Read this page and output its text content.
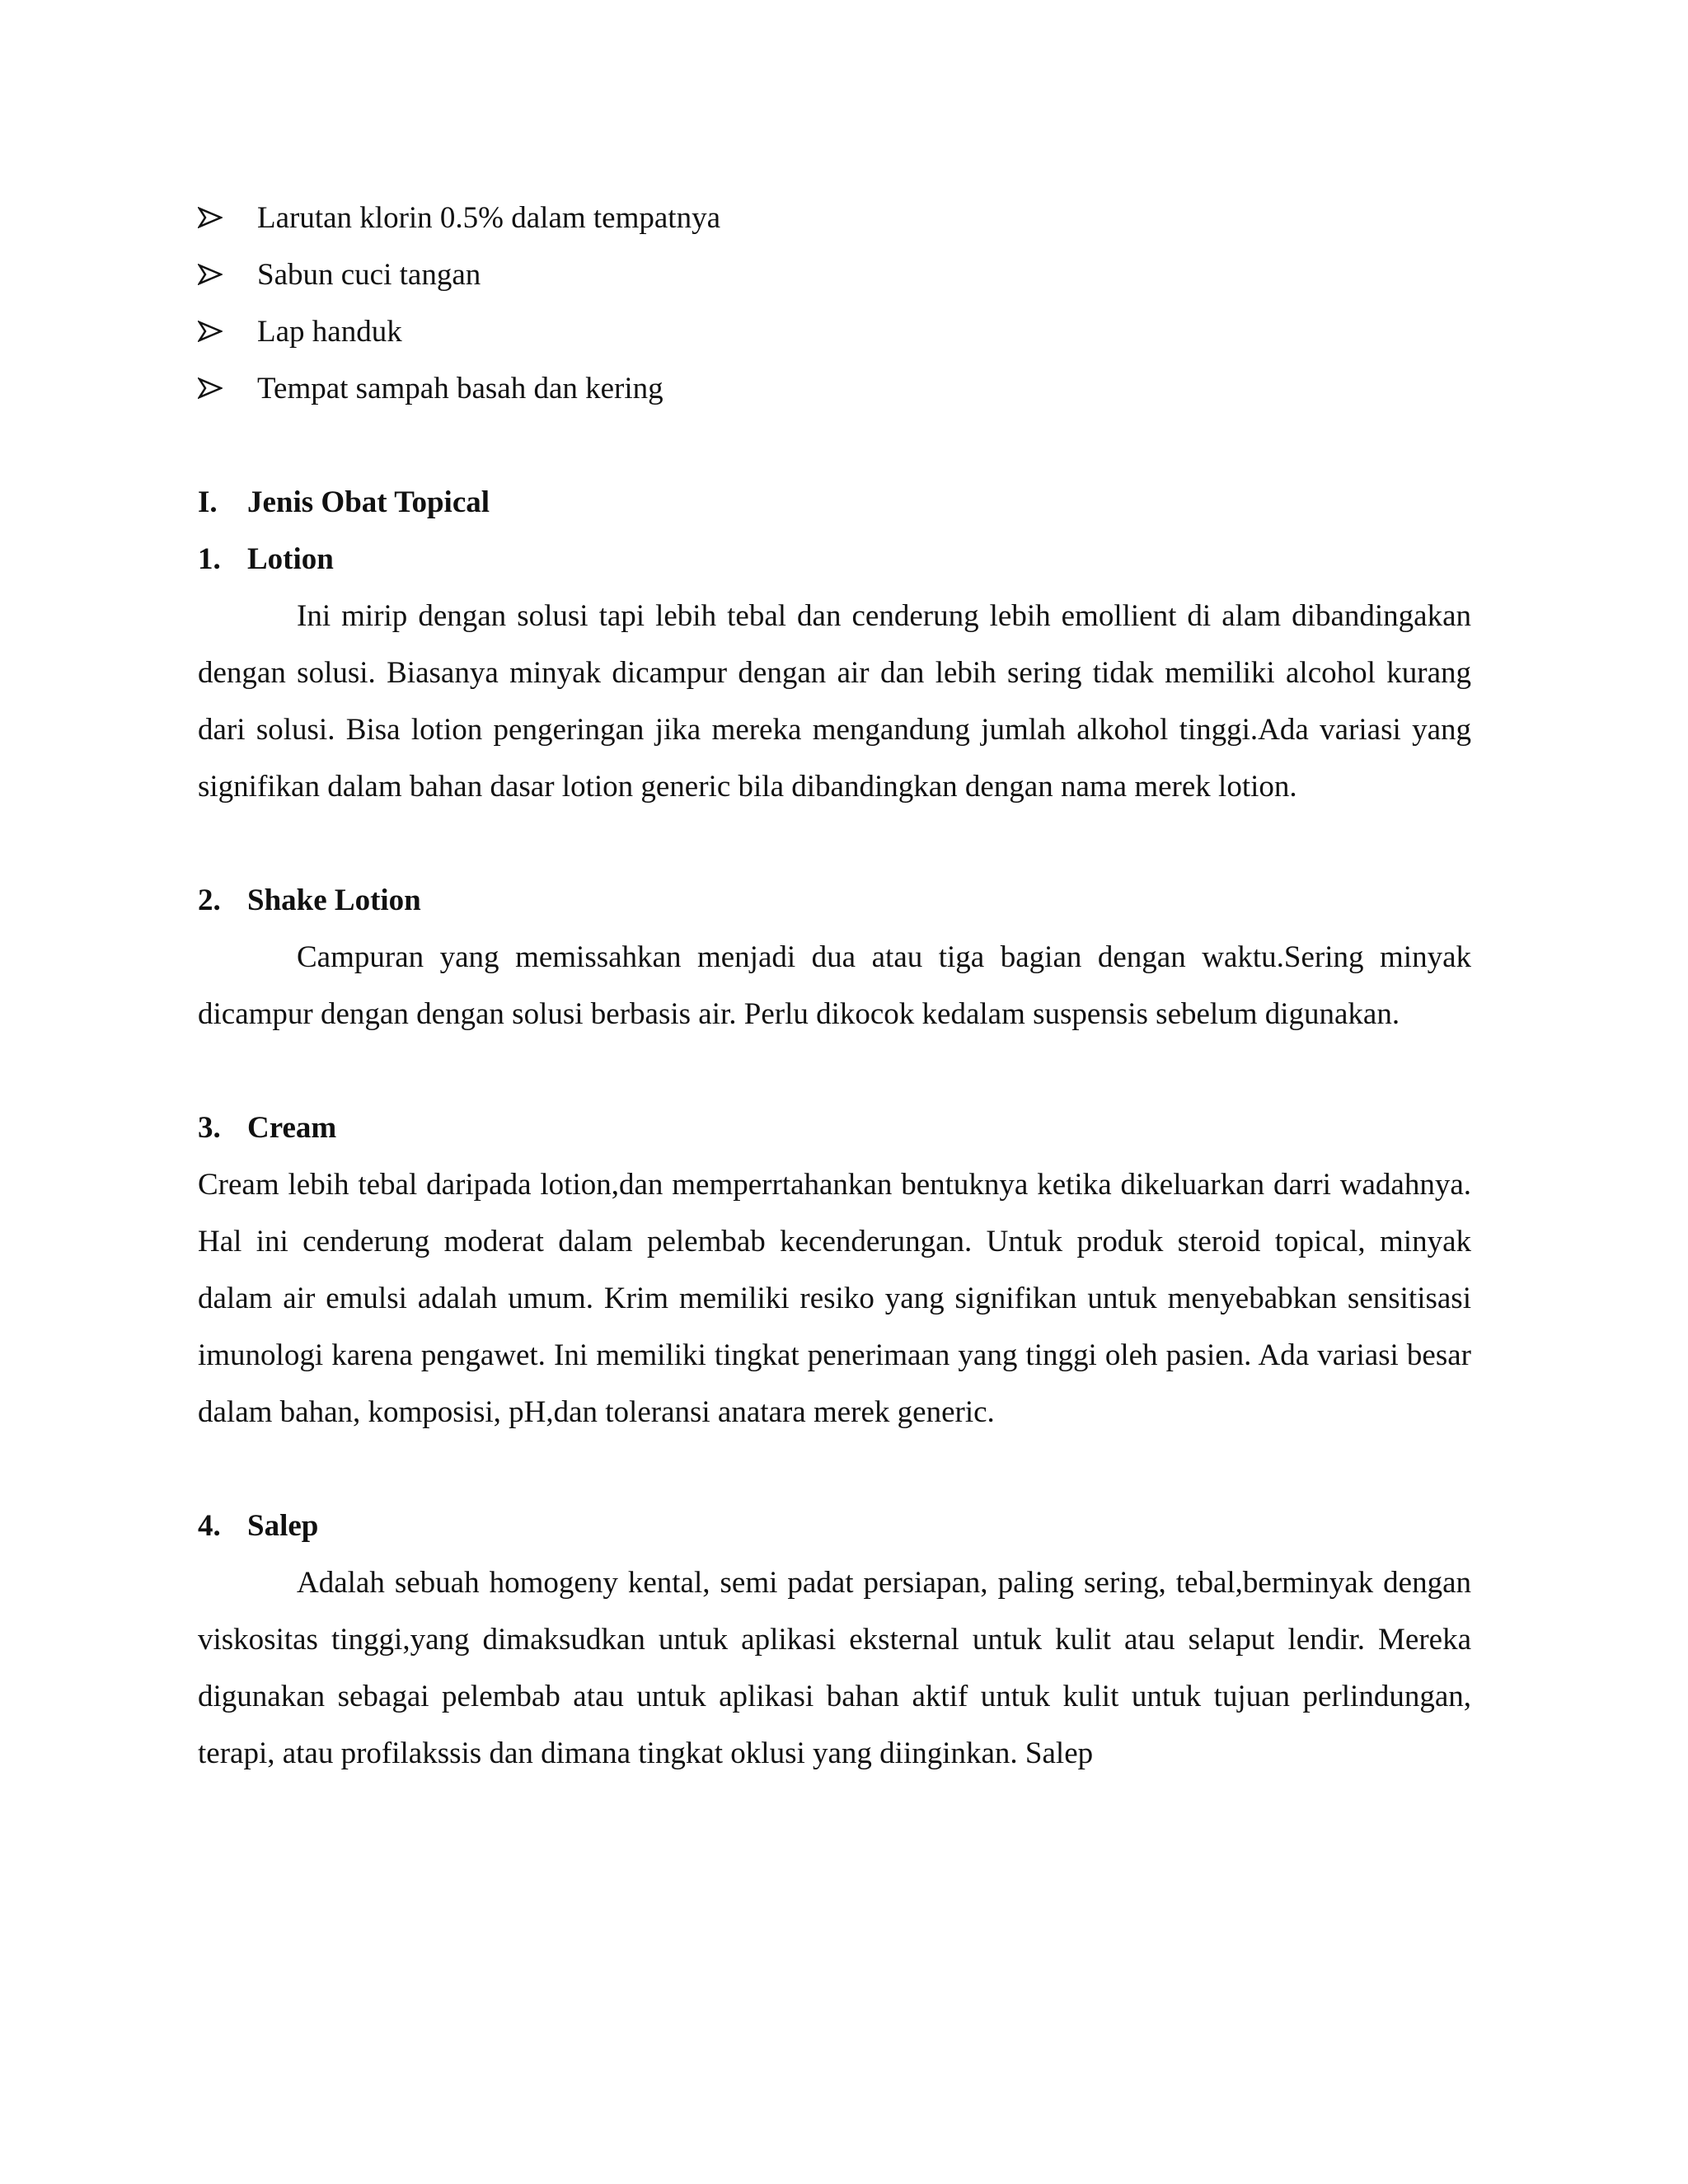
Larutan klorin 0.5% dalam tempatnya
Sabun cuci tangan
Lap handuk
Tempat sampah basah dan kering
I. Jenis Obat Topical
1. Lotion

Ini mirip dengan solusi tapi lebih tebal dan cenderung lebih emollient di alam dibandingakan dengan solusi. Biasanya minyak dicampur dengan air dan lebih sering tidak memiliki alcohol kurang dari solusi. Bisa lotion pengeringan jika mereka mengandung jumlah alkohol tinggi.Ada variasi yang signifikan dalam bahan dasar lotion generic bila dibandingkan dengan nama merek lotion.

2. Shake Lotion

Campuran yang memissahkan menjadi dua atau tiga bagian dengan waktu.Sering minyak dicampur dengan dengan solusi berbasis air. Perlu dikocok kedalam suspensis sebelum digunakan.

3. Cream

Cream lebih tebal daripada lotion,dan memperrtahankan bentuknya ketika dikeluarkan darri wadahnya. Hal ini cenderung moderat dalam pelembab kecenderungan. Untuk produk steroid topical, minyak dalam air emulsi adalah umum. Krim memiliki resiko yang signifikan untuk menyebabkan sensitisasi imunologi karena pengawet. Ini memiliki tingkat penerimaan yang tinggi oleh pasien. Ada variasi besar dalam bahan, komposisi, pH,dan toleransi anatara merek generic.

4. Salep

Adalah sebuah homogeny kental, semi padat persiapan, paling sering, tebal,berminyak dengan viskositas tinggi,yang dimaksudkan untuk aplikasi eksternal untuk kulit atau selaput lendir. Mereka digunakan sebagai pelembab atau untuk aplikasi bahan aktif untuk kulit untuk tujuan perlindungan, terapi, atau profilakssis dan dimana tingkat oklusi yang diinginkan. Salep
